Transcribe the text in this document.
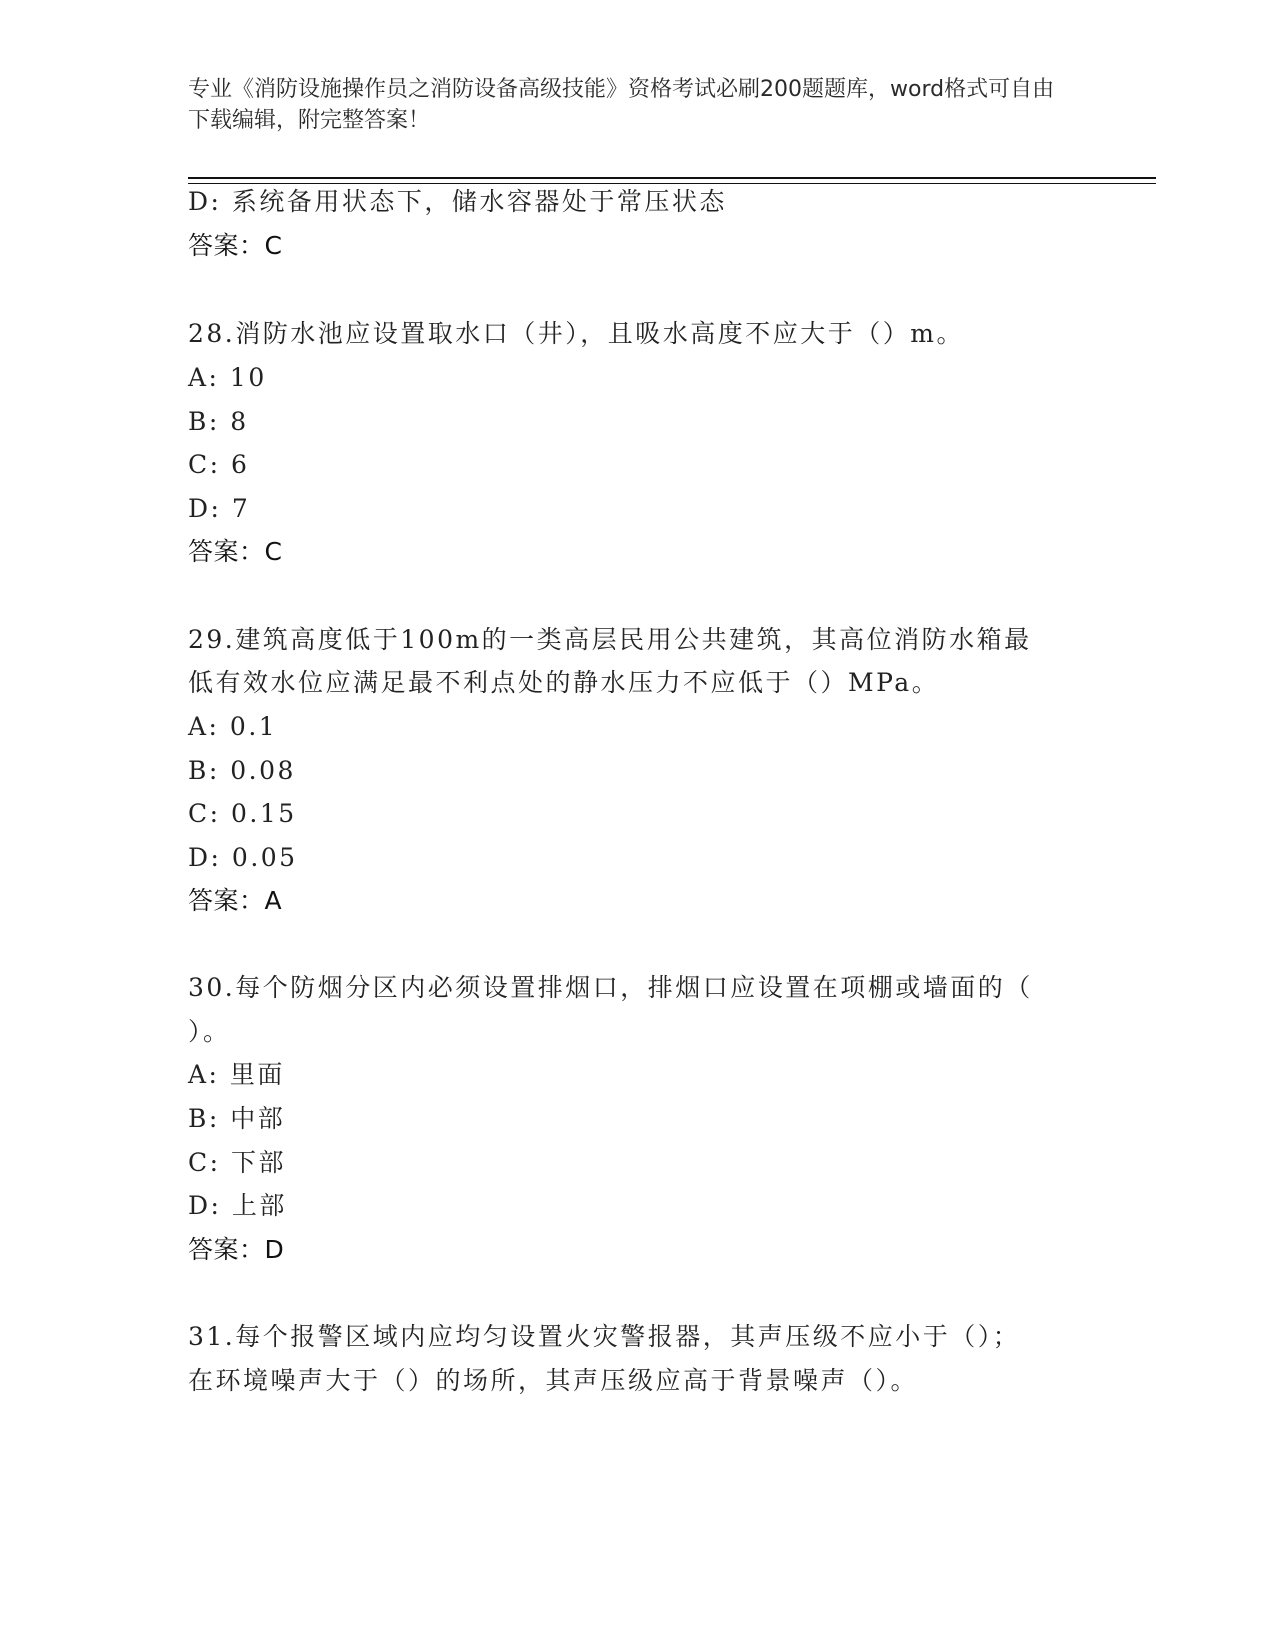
专业《消防设施操作员之消防设备高级技能》资格考试必刷200题题库，word格式可自由下载编辑，附完整答案！
D: 系统备用状态下，储水容器处于常压状态
答案：C
28.消防水池应设置取水口（井），且吸水高度不应大于（）m。
A: 10
B: 8
C: 6
D: 7
答案：C
29.建筑高度低于100m的一类高层民用公共建筑，其高位消防水箱最
低有效水位应满足最不利点处的静水压力不应低于（）MPa。
A: 0.1
B: 0.08
C: 0.15
D: 0.05
答案：A
30.每个防烟分区内必须设置排烟口，排烟口应设置在项棚或墙面的（
）。
A: 里面
B: 中部
C: 下部
D: 上部
答案：D
31.每个报警区域内应均匀设置火灾警报器，其声压级不应小于（）；
在环境噪声大于（）的场所，其声压级应高于背景噪声（）。
